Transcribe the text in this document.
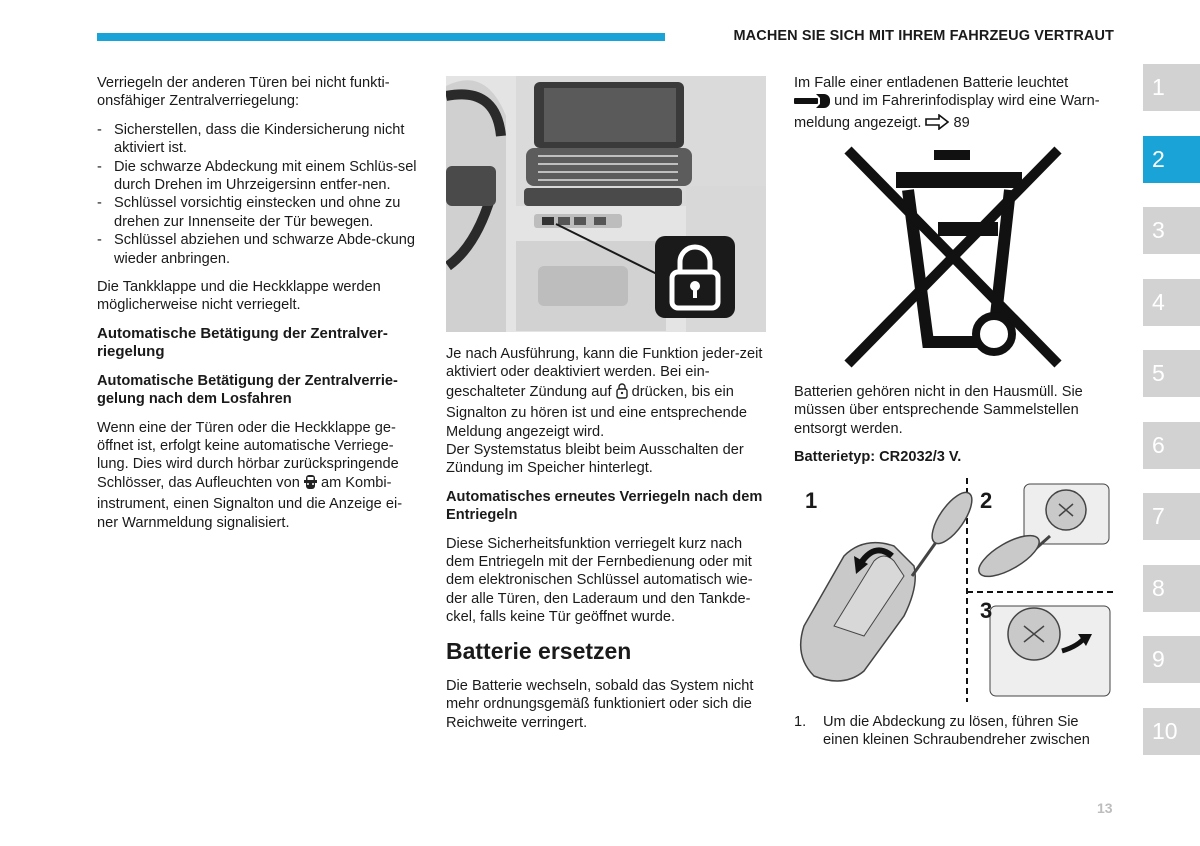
MACHEN SIE SICH MIT IHREM FAHRZEUG VERTRAUT

Verriegeln der anderen Türen bei nicht funkti-onsfähiger Zentralverriegelung:

- Sicherstellen, dass die Kindersicherung nicht aktiviert ist.
- Die schwarze Abdeckung mit einem Schlüs-sel durch Drehen im Uhrzeigersinn entfer-nen.
- Schlüssel vorsichtig einstecken und ohne zu drehen zur Innenseite der Tür bewegen.
- Schlüssel abziehen und schwarze Abde-ckung wieder anbringen.

Die Tankklappe und die Heckklappe werden möglicherweise nicht verriegelt.

Automatische Betätigung der Zentralver-riegelung
Automatische Betätigung der Zentralverrie-gelung nach dem Losfahren

Wenn eine der Türen oder die Heckklappe ge-öffnet ist, erfolgt keine automatische Verriege-lung. Dies wird durch hörbar zurückspringende Schlösser, das Aufleuchten von am Kombi-instrument, einen Signalton und die Anzeige ei-ner Warnmeldung signalisiert.

Je nach Ausführung, kann die Funktion jeder-zeit aktiviert oder deaktiviert werden. Bei ein-geschalteter Zündung auf drücken, bis ein Signalton zu hören ist und eine entsprechende Meldung angezeigt wird.

Der Systemstatus bleibt beim Ausschalten der Zündung im Speicher hinterlegt.

Automatisches erneutes Verriegeln nach dem Entriegeln

Diese Sicherheitsfunktion verriegelt kurz nach dem Entriegeln mit der Fernbedienung oder mit dem elektronischen Schlüssel automatisch wie-der alle Türen, den Laderaum und den Tankde-ckel, falls keine Tür geöffnet wurde.

Batterie ersetzen

Die Batterie wechseln, sobald das System nicht mehr ordnungsgemäß funktioniert oder sich die Reichweite verringert.

Im Falle einer entladenen Batterie leuchtet
und im Fahrerinfodisplay wird eine Warn-meldung angezeigt. 89

Batterien gehören nicht in den Hausmüll. Sie müssen über entsprechende Sammelstellen entsorgt werden.

Batterietyp: CR2032/3 V.
1	2
3
1.	Um die Abdeckung zu lösen, führen Sie einen kleinen Schraubendreher zwischen
1
2
3
4
5
6
7
8
9
10
13
